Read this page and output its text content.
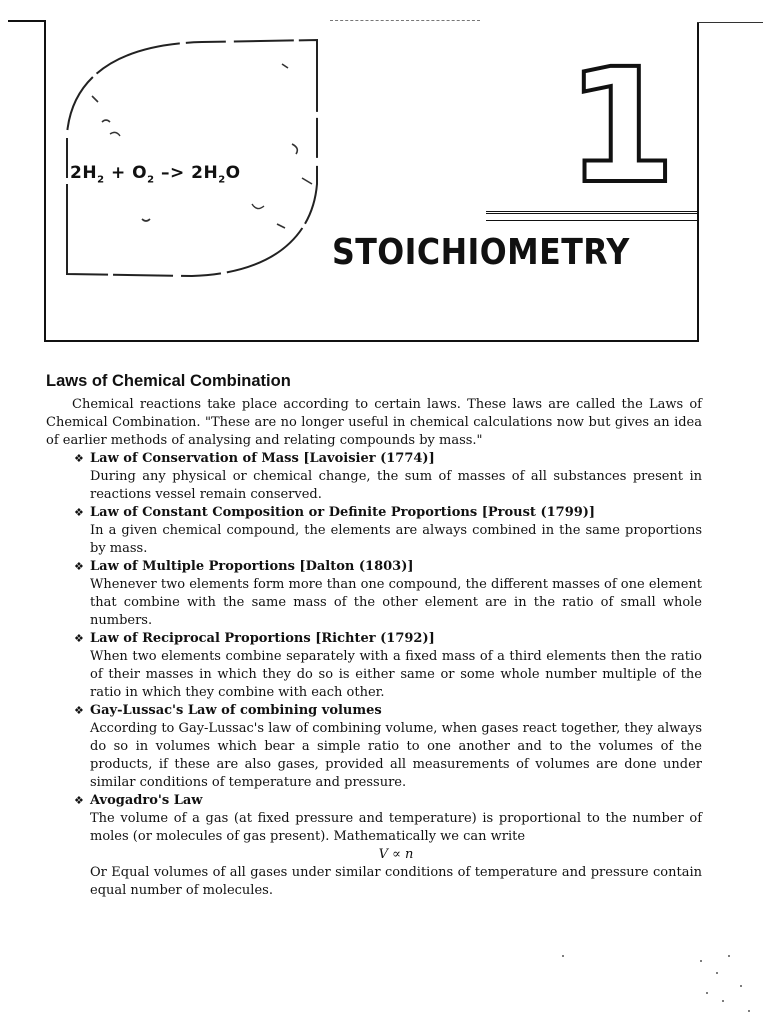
$2H_2 + O_2 -> 2H_2O$ 1
STOICHIOMETRY
Laws of Chemical Combination

Chemical reactions take place according to certain laws. These laws are called the Laws of Chemical Combination. "These are no longer useful in chemical calculations now but gives an idea of earlier methods of analysing and relating compounds by mass."

❖ Law of Conservation of Mass [Lavoisier (1774)]

During any physical or chemical change, the sum of masses of all substances present in reactions vessel remain conserved.

❖ Law of Constant Composition or Definite Proportions [Proust (1799)]

In a given chemical compound, the elements are always combined in the same proportions by mass.

❖ Law of Multiple Proportions [Dalton (1803)]

Whenever two elements form more than one compound, the different masses of one element that combine with the same mass of the other element are in the ratio of small whole numbers.

❖ Law of Reciprocal Proportions [Richter (1792)]

When two elements combine separately with a fixed mass of a third elements then the ratio of their masses in which they do so is either same or some whole number multiple of the ratio in which they combine with each other.

❖ Gay-Lussac's Law of combining volumes

According to Gay-Lussac's law of combining volume, when gases react together, they always do so in volumes which bear a simple ratio to one another and to the volumes of the products, if these are also gases, provided all measurements of volumes are done under similar conditions of temperature and pressure.

❖ Avogadro's Law

The volume of a gas (at fixed pressure and temperature) is proportional to the number of moles (or molecules of gas present). Mathematically we can write

V ∝ n

Or Equal volumes of all gases under similar conditions of temperature and pressure contain equal number of molecules.
